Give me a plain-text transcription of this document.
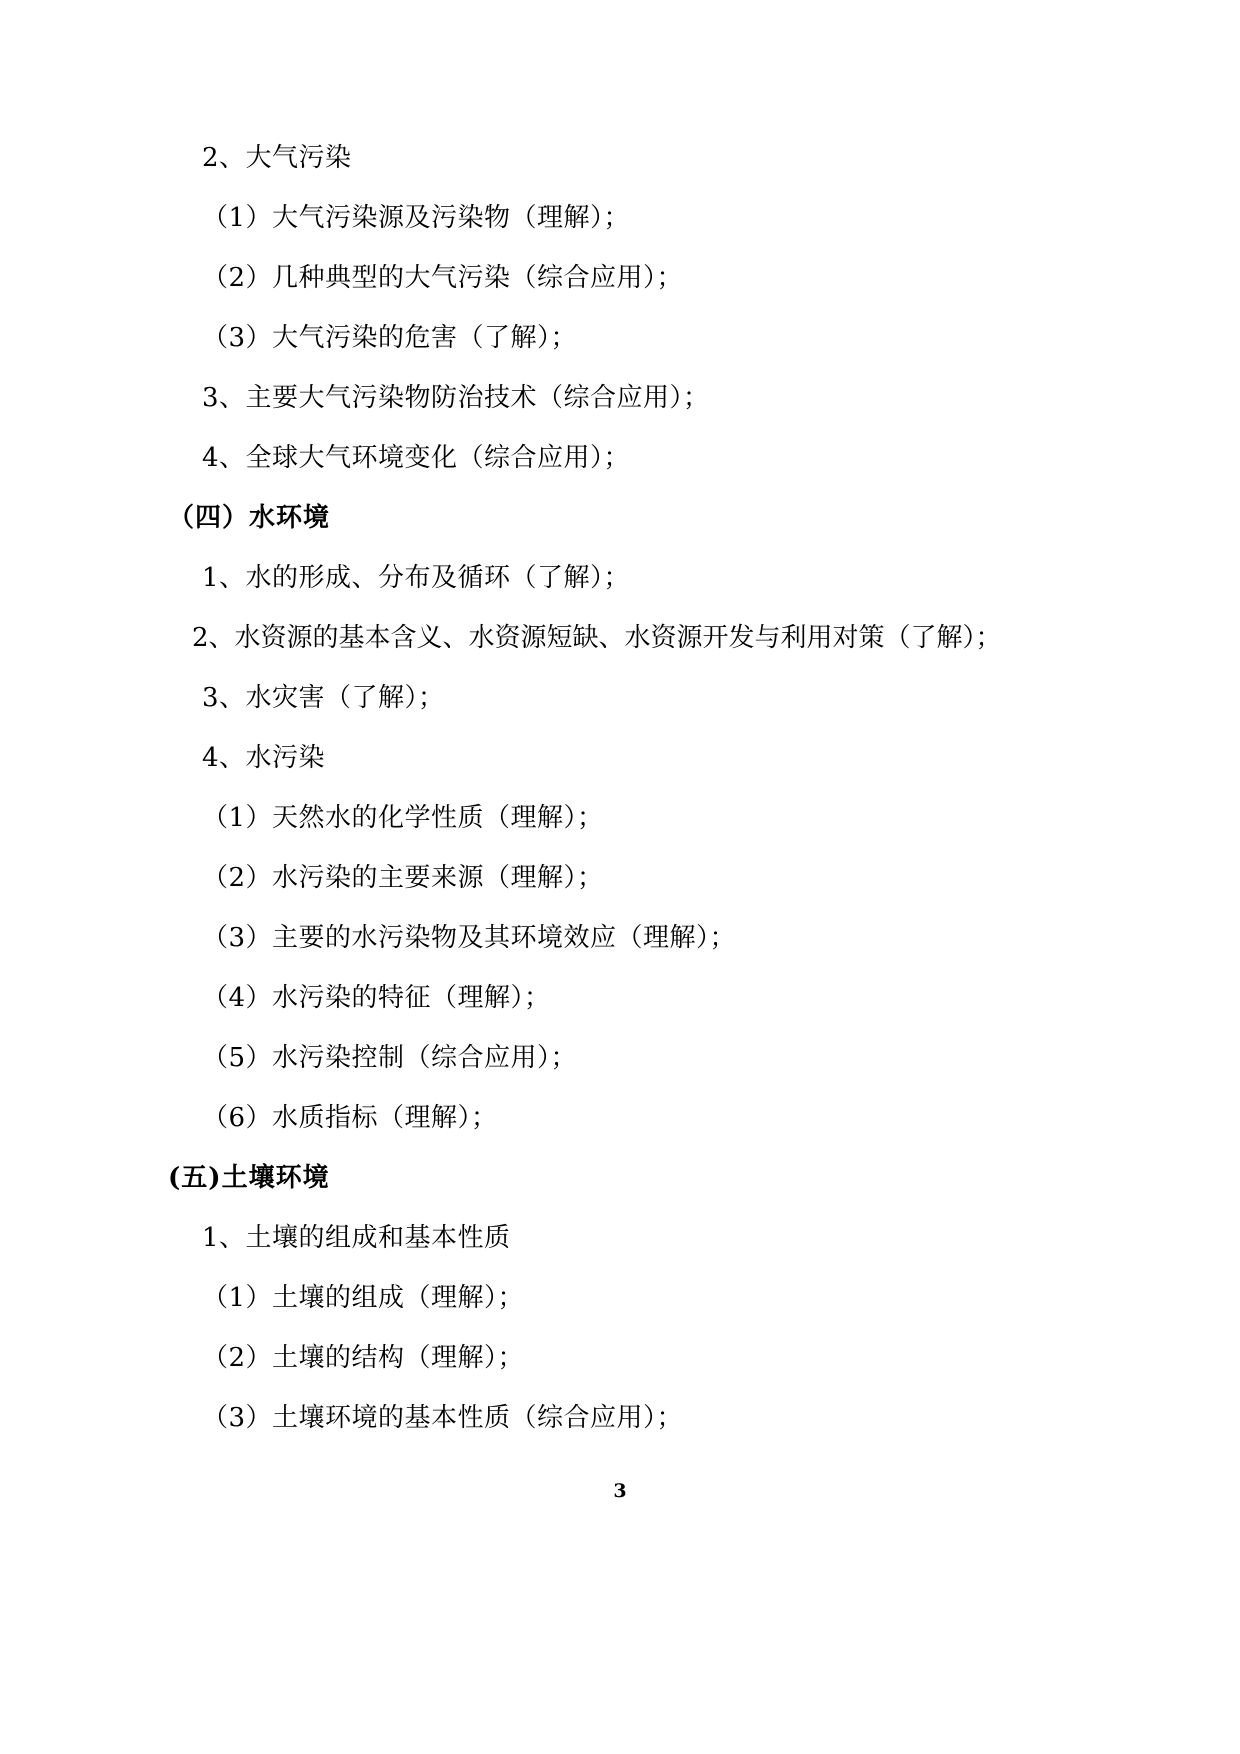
2、大气污染
（1）大气污染源及污染物（理解）；
（2）几种典型的大气污染（综合应用）；
（3）大气污染的危害（了解）；
3、主要大气污染物防治技术（综合应用）；
4、全球大气环境变化（综合应用）；
（四）水环境
1、水的形成、分布及循环（了解）；
2、水资源的基本含义、水资源短缺、水资源开发与利用对策（了解）；
3、水灾害（了解）；
4、水污染
（1）天然水的化学性质（理解）；
（2）水污染的主要来源（理解）；
（3）主要的水污染物及其环境效应（理解）；
（4）水污染的特征（理解）；
（5）水污染控制（综合应用）；
（6）水质指标（理解）；
(五)土壤环境
1、土壤的组成和基本性质
（1）土壤的组成（理解）；
（2）土壤的结构（理解）；
（3）土壤环境的基本性质（综合应用）；
3
